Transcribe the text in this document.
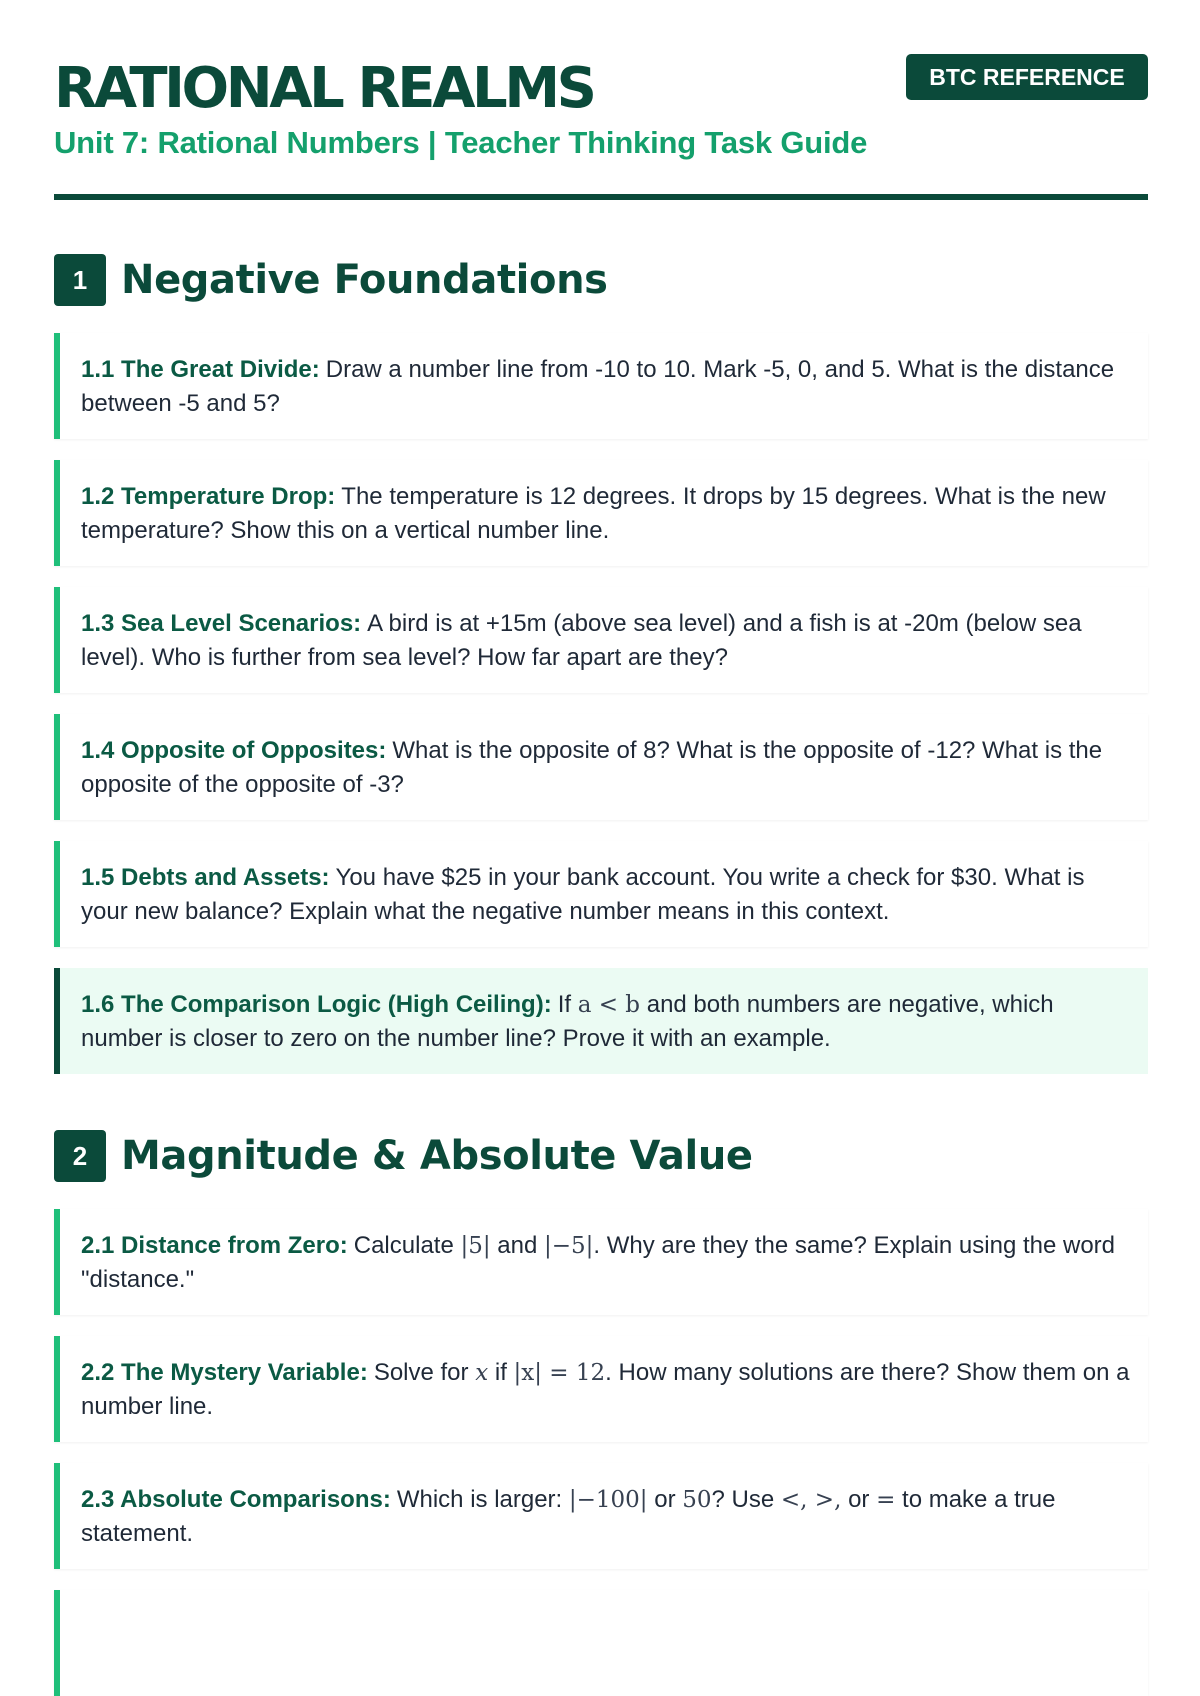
RATIONAL REALMS

Unit 7: Rational Numbers | Teacher Thinking Task Guide

BTC REFERENCE
1 Negative Foundations
1.1 The Great Divide: Draw a number line from -10 to 10. Mark -5, 0, and 5. What is the distance between -5 and 5?
1.2 Temperature Drop: The temperature is 12 degrees. It drops by 15 degrees. What is the new temperature? Show this on a vertical number line.
1.3 Sea Level Scenarios: A bird is at +15m (above sea level) and a fish is at -20m (below sea level). Who is further from sea level? How far apart are they?
1.4 Opposite of Opposites: What is the opposite of 8? What is the opposite of -12? What is the opposite of the opposite of -3?
1.5 Debts and Assets: You have $25 in your bank account. You write a check for $30. What is your new balance? Explain what the negative number means in this context.
1.6 The Comparison Logic (High Ceiling): If a < b and both numbers are negative, which number is closer to zero on the number line? Prove it with an example.
2 Magnitude & Absolute Value
2.1 Distance from Zero: Calculate |5| and |−5|. Why are they the same? Explain using the word "distance."
2.2 The Mystery Variable: Solve for x if |x| = 12. How many solutions are there? Show them on a number line.
2.3 Absolute Comparisons: Which is larger: |−100| or 50? Use <, >, or = to make a true statement.
